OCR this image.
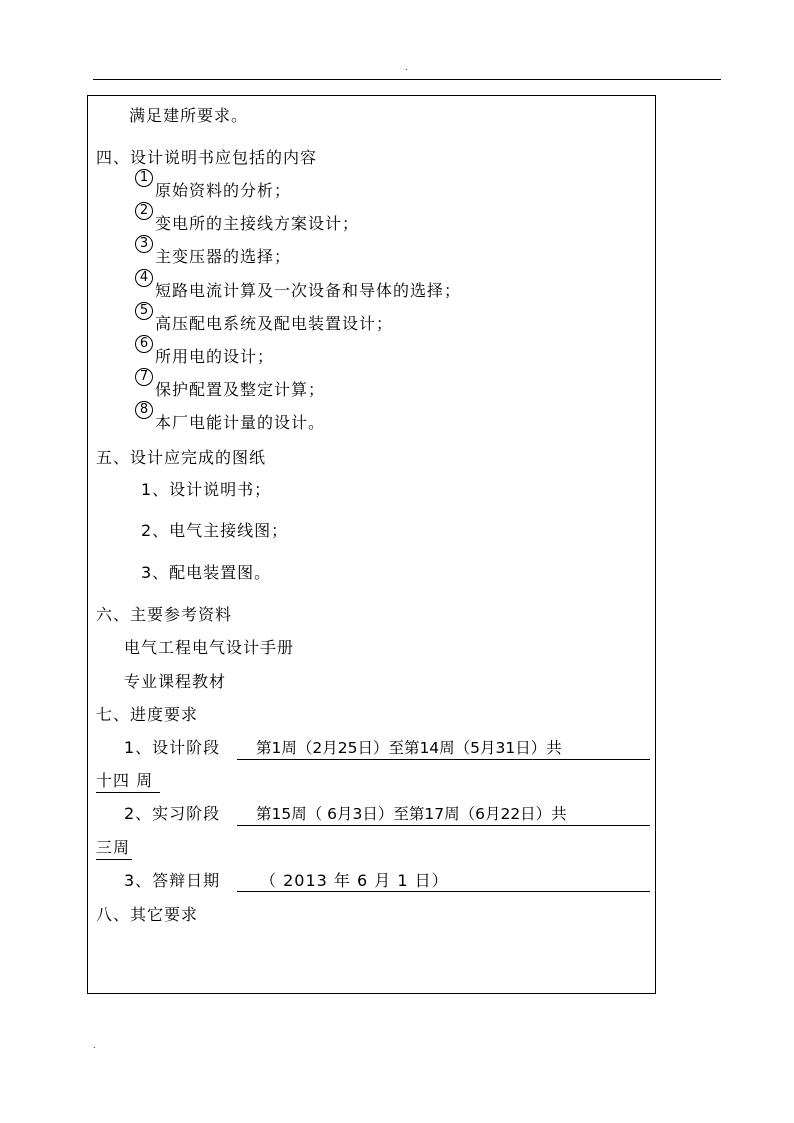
.
满足建所要求。
四、设计说明书应包括的内容
1
原始资料的分析；
2
变电所的主接线方案设计；
3
主变压器的选择；
4
短路电流计算及一次设备和导体的选择；
5
高压配电系统及配电装置设计；
6
所用电的设计；
7
保护配置及整定计算；
8
本厂电能计量的设计。
五、设计应完成的图纸
1、设计说明书；
2、电气主接线图；
3、配电装置图。
六、主要参考资料
电气工程电气设计手册
专业课程教材
七、进度要求
1、设计阶段 第1周（2月25日）至第14周（5月31日）共
十四 周
2、实习阶段 第15周（ 6月3日）至第17周（6月22日）共
三周
3、答辩日期 （ 2013 年 6 月 1 日）
八、其它要求
.
